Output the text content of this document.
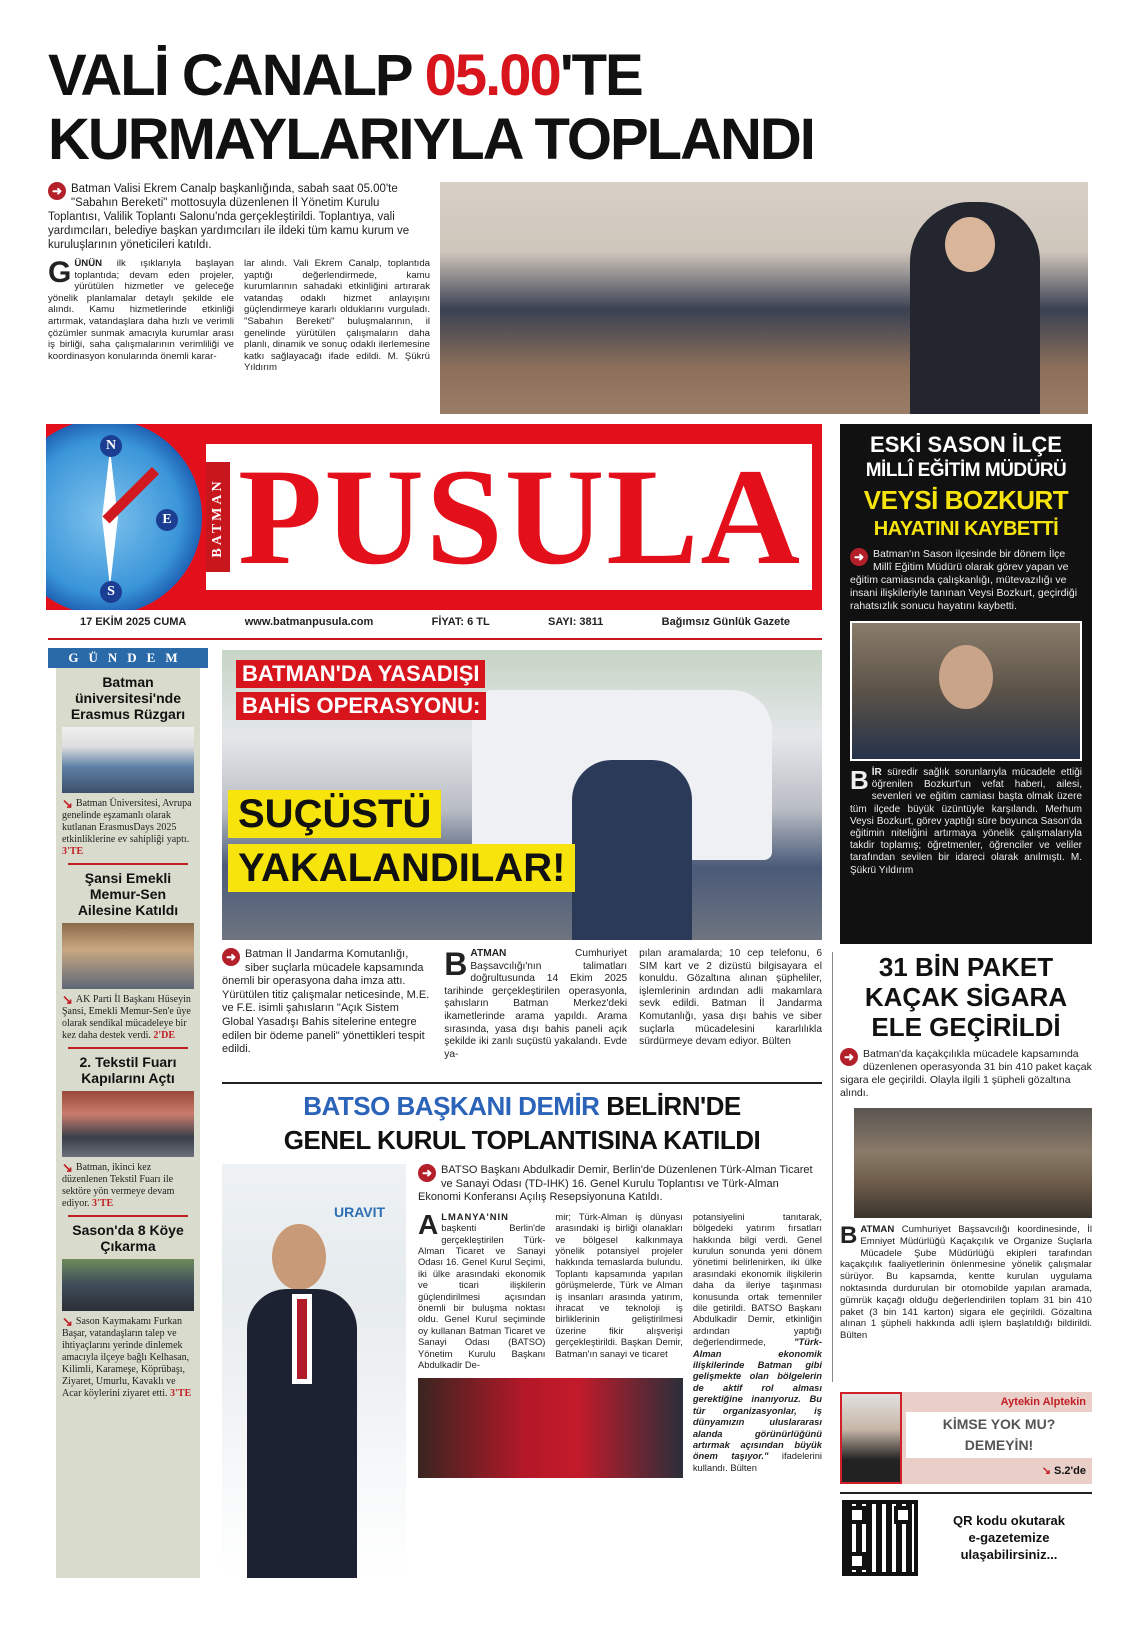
VALİ CANALP 05.00'TE
KURMAYLARIYLA TOPLANDI
➜ Batman Valisi Ekrem Canalp başkanlığında, sabah saat 05.00'te "Sabahın Bereketi" mottosuyla düzenlenen İl Yönetim Kurulu Toplantısı, Valilik Toplantı Salonu'nda gerçekleştirildi. Toplantıya, vali yardımcıları, belediye başkan yardımcıları ile ildeki tüm kamu kurum ve kuruluşlarının yöneticileri katıldı.
GÜNÜN ilk ışıklarıyla başlayan toplantıda; devam eden projeler, yürütülen hizmetler ve geleceğe yönelik planlamalar detaylı şekilde ele alındı. Kamu hizmetlerinde etkinliği artırmak, vatandaşlara daha hızlı ve verimli çözümler sunmak amacıyla kurumlar arası iş birliği, saha çalışmalarının verimliliği ve koordinasyon konularında önemli karar-
lar alındı. Vali Ekrem Canalp, toplantıda yaptığı değerlendirmede, kamu kurumlarının sahadaki etkinliğini artırarak vatandaş odaklı hizmet anlayışını güçlendirmeye kararlı olduklarını vurguladı. "Sabahın Bereketi" buluşmalarının, il genelinde yürütülen çalışmaların daha planlı, dinamik ve sonuç odaklı ilerlemesine katkı sağlayacağı ifade edildi. M. Şükrü Yıldırım
N
E
S
BATMAN PUSULA
17 EKİM 2025 CUMA	www.batmanpusula.com	FİYAT: 6 TL	SAYI: 3811	Bağımsız Günlük Gazete
ESKİ SASON İLÇE
MİLLÎ EĞİTİM MÜDÜRÜ
VEYSİ BOZKURT
HAYATINI KAYBETTİ
➜ Batman'ın Sason ilçesinde bir dönem İlçe Millî Eğitim Müdürü olarak görev yapan ve eğitim camiasında çalışkanlığı, mütevazılığı ve insani ilişkileriyle tanınan Veysi Bozkurt, geçirdiği rahatsızlık sonucu hayatını kaybetti.
BİR süredir sağlık sorunlarıyla mücadele ettiği öğrenilen Bozkurt'un vefat haberi, ailesi, sevenleri ve eğitim camiası başta olmak üzere tüm ilçede büyük üzüntüyle karşılandı. Merhum Veysi Bozkurt, görev yaptığı süre boyunca Sason'da eğitimin niteliğini artırmaya yönelik çalışmalarıyla takdir toplamış; öğretmenler, öğrenciler ve veliler tarafından sevilen bir idareci olarak anılmıştı. M. Şükrü Yıldırım
GÜNDEM
Batman üniversitesi'nde Erasmus Rüzgarı
↘ Batman Üniversitesi, Avrupa genelinde eşzamanlı olarak kutlanan ErasmusDays 2025 etkinliklerine ev sahipliği yaptı. 3'TE
Şansi Emekli Memur-Sen Ailesine Katıldı
↘ AK Parti İl Başkanı Hüseyin Şansi, Emekli Memur-Sen'e üye olarak sendikal mücadeleye bir kez daha destek verdi. 2'DE
2. Tekstil Fuarı Kapılarını Açtı
↘ Batman, ikinci kez düzenlenen Tekstil Fuarı ile sektöre yön vermeye devam ediyor. 3'TE
Sason'da 8 Köye Çıkarma
↘ Sason Kaymakamı Furkan Başar, vatandaşların talep ve ihtiyaçlarını yerinde dinlemek amacıyla ilçeye bağlı Kelhasan, Kilimli, Karameşe, Köprübaşı, Ziyaret, Umurlu, Kavaklı ve Acar köylerini ziyaret etti. 3'TE
BATMAN'DA YASADIŞI
BAHİS OPERASYONU:
SUÇÜSTÜ
YAKALANDILAR!
➜ Batman İl Jandarma Komutanlığı, siber suçlarla mücadele kapsamında önemli bir operasyona daha imza attı. Yürütülen titiz çalışmalar neticesinde, M.E. ve F.E. isimli şahısların "Açık Sistem Global Yasadışı Bahis sitelerine entegre edilen bir ödeme paneli" yönettikleri tespit edildi.
BATMAN	Cumhuriyet Başsavcılığı'nın talimatları doğrultusunda 14 Ekim 2025 tarihinde gerçekleştirilen operasyonla, şahısların Batman Merkez'deki ikametlerinde arama yapıldı. Arama sırasında, yasa dışı bahis paneli açık şekilde iki zanlı suçüstü yakalandı. Evde ya-
pılan aramalarda; 10 cep telefonu, 6 SIM kart ve 2 dizüstü bilgisayara el konuldu. Gözaltına alınan şüpheliler, işlemlerinin ardından adli makamlara sevk edildi. Batman İl Jandarma Komutanlığı, yasa dışı bahis ve siber suçlarla mücadelesini kararlılıkla sürdürmeye devam ediyor. Bülten
31 BİN PAKET
KAÇAK SİGARA
ELE GEÇİRİLDİ
➜ Batman'da kaçakçılıkla mücadele kapsamında düzenlenen operasyonda 31 bin 410 paket kaçak sigara ele geçirildi. Olayla ilgili 1 şüpheli gözaltına alındı.
BATMAN Cumhuriyet Başsavcılığı koordinesinde, İl Emniyet Müdürlüğü Kaçakçılık ve Organize Suçlarla Mücadele Şube Müdürlüğü ekipleri tarafından kaçakçılık faaliyetlerinin önlenmesine yönelik çalışmalar sürüyor. Bu kapsamda, kentte kurulan uygulama noktasında durdurulan bir otomobilde yapılan aramada, gümrük kaçağı olduğu değerlendirilen toplam 31 bin 410 paket (3 bin 141 karton) sigara ele geçirildi. Gözaltına alınan 1 şüpheli hakkında adli işlem başlatıldığı bildirildi. Bülten
BATSO BAŞKANI DEMİR BELİRN'DE
GENEL KURUL TOPLANTISINA KATILDI
URAVIT
➜ BATSO Başkanı Abdulkadir Demir, Berlin'de Düzenlenen Türk-Alman Ticaret ve Sanayi Odası (TD-IHK) 16. Genel Kurulu Toplantısı ve Türk-Alman Ekonomi Konferansı Açılış Resepsiyonuna Katıldı.
ALMANYA'NIN başkenti Berlin'de gerçekleştirilen Türk-Alman Ticaret ve Sanayi Odası 16. Genel Kurul Seçimi, iki ülke arasındaki ekonomik ve ticari ilişkilerin güçlendirilmesi açısından önemli bir buluşma noktası oldu. Genel Kurul seçiminde oy kullanan Batman Ticaret ve Sanayi Odası (BATSO) Yönetim Kurulu Başkanı Abdulkadir De-
mir; Türk-Alman iş dünyası arasındaki iş birliği olanakları ve bölgesel kalkınmaya yönelik potansiyel projeler hakkında temaslarda bulundu. Toplantı kapsamında yapılan görüşmelerde, Türk ve Alman iş insanları arasında yatırım, ihracat ve teknoloji iş birliklerinin geliştirilmesi üzerine fikir alışverişi gerçekleştirildi. Başkan Demir, Batman'ın sanayi ve ticaret
potansiyelini tanıtarak, bölgedeki yatırım fırsatları hakkında bilgi verdi. Genel kurulun sonunda yeni dönem yönetimi belirlenirken, iki ülke arasındaki ekonomik ilişkilerin daha da ileriye taşınması konusunda ortak temenniler dile getirildi. BATSO Başkanı Abdulkadir Demir, etkinliğin ardından yaptığı değerlendirmede,	"Türk-Alman ekonomik ilişkilerinde Batman gibi gelişmekte olan bölgelerin de aktif rol alması gerektiğine inanıyoruz. Bu tür organizasyonlar, iş dünyamızın uluslararası alanda görünürlüğünü artırmak açısından büyük önem taşıyor." ifadelerini kullandı. Bülten
Aytekin Alptekin
KİMSE YOK MU?
DEMEYİN!
↘ S.2'de
QR kodu okutarak
e-gazetemize
ulaşabilirsiniz...
